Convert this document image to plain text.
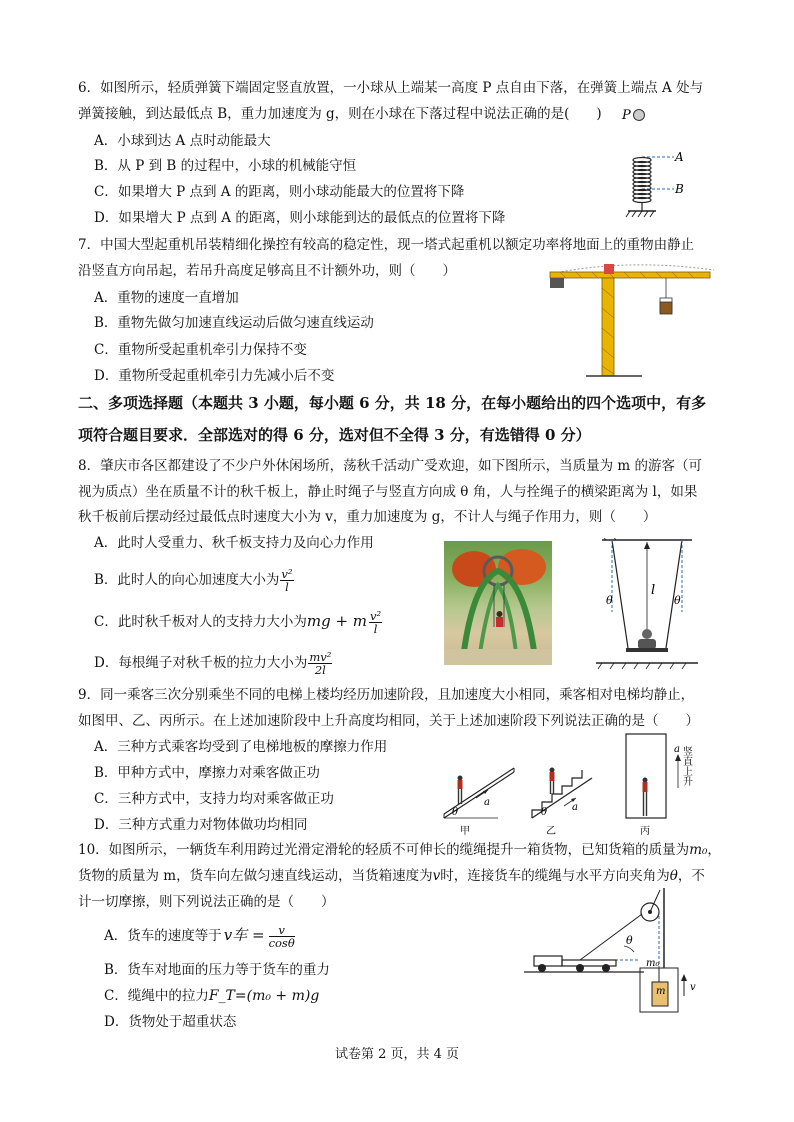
6．如图所示，轻质弹簧下端固定竖直放置，一小球从上端某一高度 P 点自由下落，在弹簧上端点 A 处与
弹簧接触，到达最低点 B，重力加速度为 g，则在小球在下落过程中说法正确的是(　　)
A．小球到达 A 点时动能最大
B．从 P 到 B 的过程中，小球的机械能守恒
C．如果增大 P 点到 A 的距离，则小球动能最大的位置将下降
D．如果增大 P 点到 A 的距离，则小球能到达的最低点的位置将下降
P
A
B
7．中国大型起重机吊装精细化操控有较高的稳定性，现一塔式起重机以额定功率将地面上的重物由静止
沿竖直方向吊起，若吊升高度足够高且不计额外功，则（　　）
A．重物的速度一直增加
B．重物先做匀加速直线运动后做匀速直线运动
C．重物所受起重机牵引力保持不变
D．重物所受起重机牵引力先减小后不变
二、多项选择题（本题共 3 小题，每小题 6 分，共 18 分，在每小题给出的四个选项中，有多
项符合题目要求．全部选对的得 6 分，选对但不全得 3 分，有选错得 0 分）
8．肇庆市各区都建设了不少户外休闲场所，荡秋千活动广受欢迎，如下图所示，当质量为 m 的游客（可
视为质点）坐在质量不计的秋千板上，静止时绳子与竖直方向成 θ 角，人与拴绳子的横梁距离为 l，如果
秋千板前后摆动经过最低点时速度大小为 v，重力加速度为 g，不计人与绳子作用力，则（　　）
A．此时人受重力、秋千板支持力及向心力作用
B．此时人的向心加速度大小为 $\frac{\text{v²}}{l}$
C．此时秋千板对人的支持力大小为mg + m $\frac{\text{v²}}{l}$
D．每根绳子对秋千板的拉力大小为 $\frac{\text{mv²}}{2l}$
l
θ	θ
9．同一乘客三次分别乘坐不同的电梯上楼均经历加速阶段，且加速度大小相同，乘客相对电梯均静止，
如图甲、乙、丙所示。在上述加速阶段中上升高度均相同，关于上述加速阶段下列说法正确的是（　　）
A．三种方式乘客均受到了电梯地板的摩擦力作用
B．甲种方式中，摩擦力对乘客做正功
C．三种方式中，支持力均对乘客做正功
D．三种方式重力对物体做功均相同
θ
a
甲
θ a
乙
a 竖直上升
丙
10．如图所示，一辆货车利用跨过光滑定滑轮的轻质不可伸长的缆绳提升一箱货物，已知货箱的质量为m₀，
货物的质量为 m，货车向左做匀速直线运动，当货箱速度为v时，连接货车的缆绳与水平方向夹角为θ，不
计一切摩擦，则下列说法正确的是（　　）
A．货车的速度等于 v车 = $\frac{v}{\cos\theta}$
B．货车对地面的压力等于货车的重力
C．缆绳中的拉力F_T=(m₀ + m)g
D．货物处于超重状态
θ
m₀
m v
试卷第 2 页，共 4 页
